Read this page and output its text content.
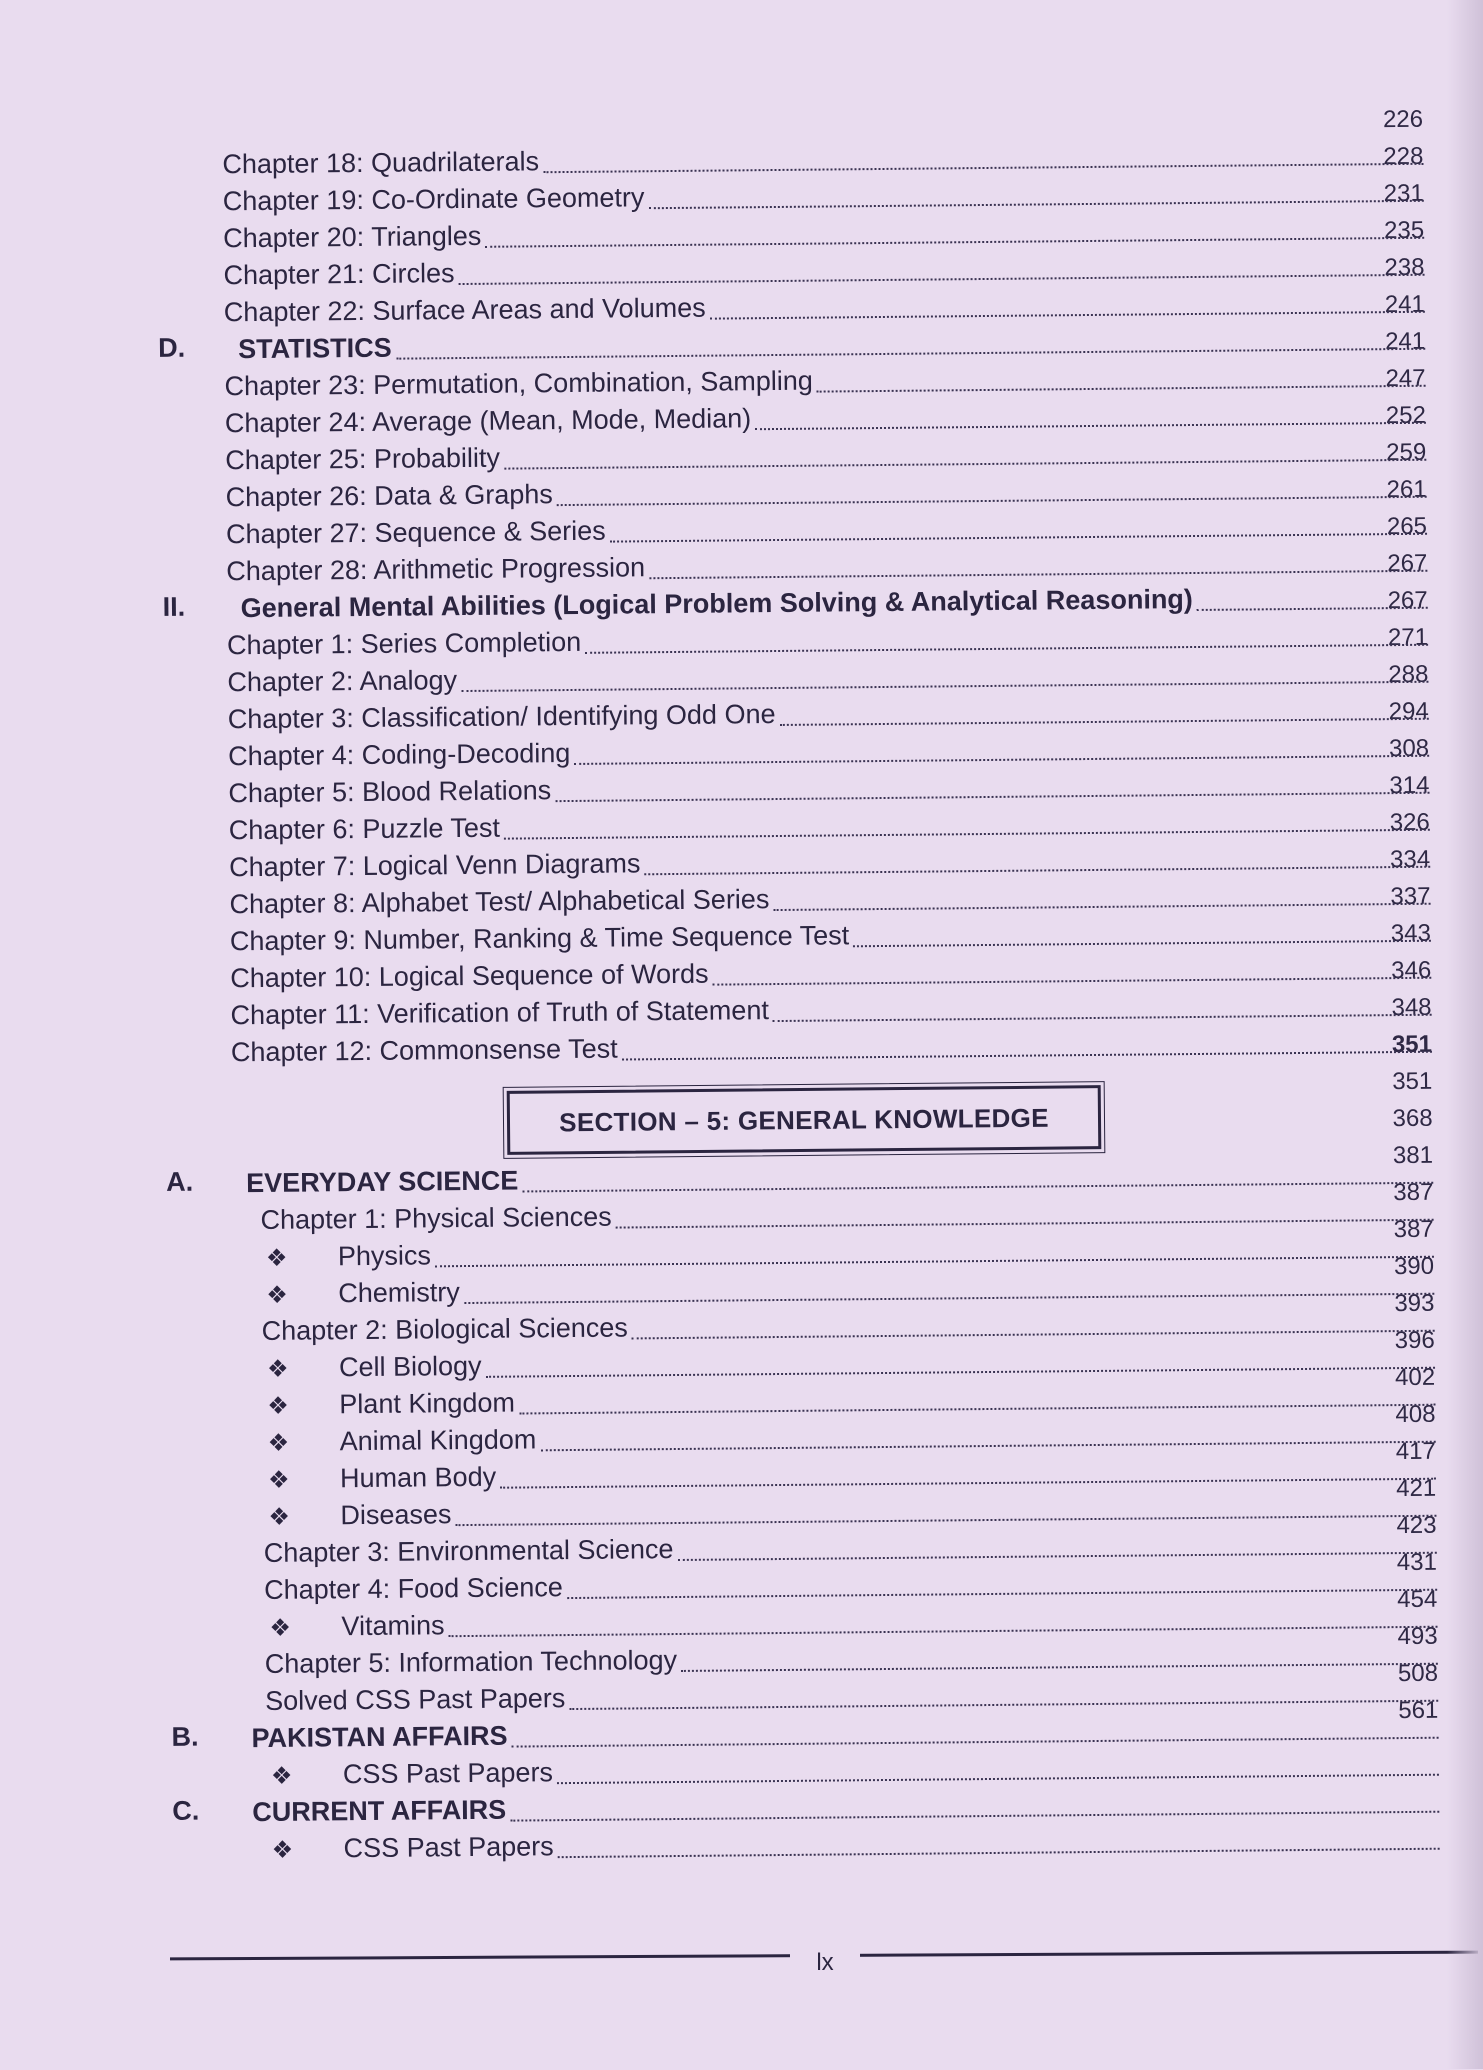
226
228
231
235
238
241
241
247
252
259
261
265
267
267
271
288
294
308
314
326
334
337
343
346
348
351
351
368
381
387
387
390
393
396
402
408
417
421
423
431
454
493
508
561
Chapter 18: Quadrilaterals
Chapter 19: Co-Ordinate Geometry
Chapter 20: Triangles
Chapter 21: Circles
Chapter 22: Surface Areas and Volumes
D. STATISTICS
Chapter 23: Permutation, Combination, Sampling
Chapter 24: Average (Mean, Mode, Median)
Chapter 25: Probability
Chapter 26: Data & Graphs
Chapter 27: Sequence & Series
Chapter 28: Arithmetic Progression
II. General Mental Abilities (Logical Problem Solving & Analytical Reasoning)
Chapter 1: Series Completion
Chapter 2: Analogy
Chapter 3: Classification/ Identifying Odd One
Chapter 4: Coding-Decoding
Chapter 5: Blood Relations
Chapter 6: Puzzle Test
Chapter 7: Logical Venn Diagrams
Chapter 8: Alphabet Test/ Alphabetical Series
Chapter 9: Number, Ranking & Time Sequence Test
Chapter 10: Logical Sequence of Words
Chapter 11: Verification of Truth of Statement
Chapter 12: Commonsense Test
A. EVERYDAY SCIENCE
Chapter 1: Physical Sciences
❖ Physics
❖ Chemistry
Chapter 2: Biological Sciences
❖ Cell Biology
❖ Plant Kingdom
❖ Animal Kingdom
❖ Human Body
❖ Diseases
Chapter 3: Environmental Science
Chapter 4: Food Science
❖ Vitamins
Chapter 5: Information Technology
Solved CSS Past Papers
B. PAKISTAN AFFAIRS
❖ CSS Past Papers
C. CURRENT AFFAIRS
❖ CSS Past Papers
SECTION – 5: GENERAL KNOWLEDGE
lx
